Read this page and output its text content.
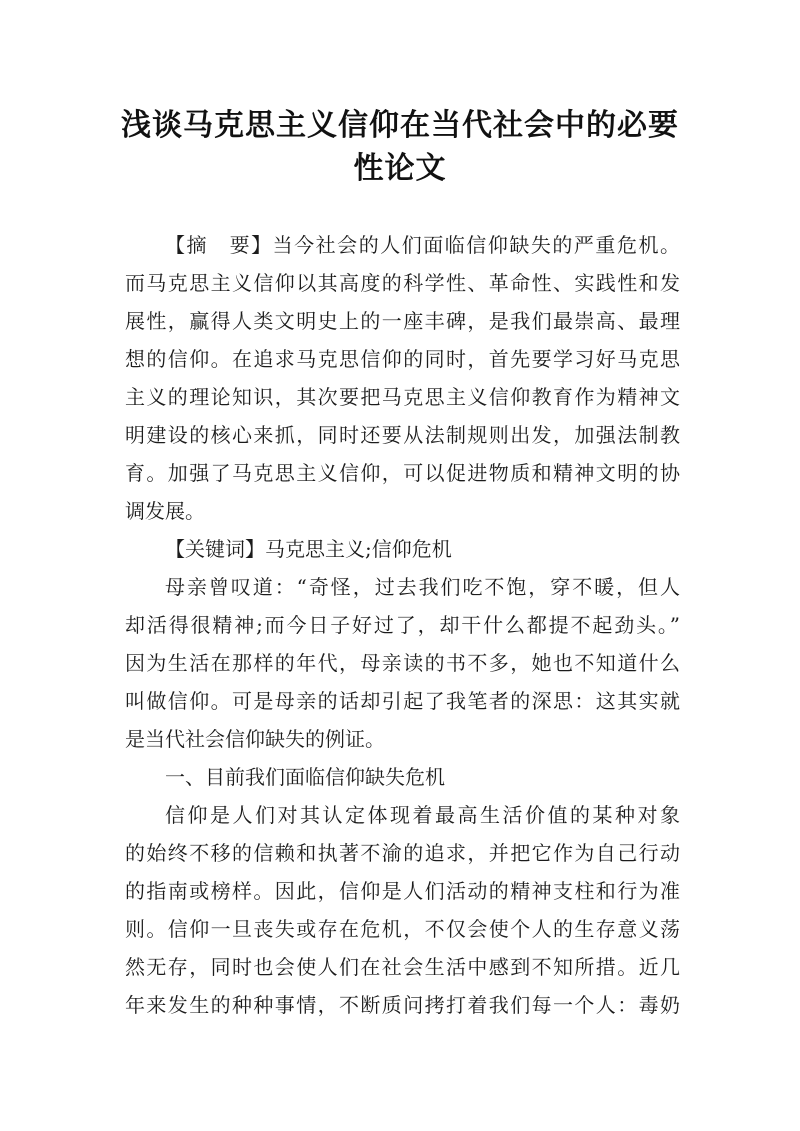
浅谈马克思主义信仰在当代社会中的必要
性论文
【摘　要】当今社会的人们面临信仰缺失的严重危机。
而马克思主义信仰以其高度的科学性、革命性、实践性和发
展性，赢得人类文明史上的一座丰碑，是我们最崇高、最理
想的信仰。在追求马克思信仰的同时，首先要学习好马克思
主义的理论知识，其次要把马克思主义信仰教育作为精神文
明建设的核心来抓，同时还要从法制规则出发，加强法制教
育。加强了马克思主义信仰，可以促进物质和精神文明的协
调发展。
【关键词】马克思主义;信仰危机
母亲曾叹道：“奇怪，过去我们吃不饱，穿不暖，但人
却活得很精神;而今日子好过了，却干什么都提不起劲头。”
因为生活在那样的年代，母亲读的书不多，她也不知道什么
叫做信仰。可是母亲的话却引起了我笔者的深思：这其实就
是当代社会信仰缺失的例证。
一、目前我们面临信仰缺失危机
信仰是人们对其认定体现着最高生活价值的某种对象
的始终不移的信赖和执著不渝的追求，并把它作为自己行动
的指南或榜样。因此，信仰是人们活动的精神支柱和行为准
则。信仰一旦丧失或存在危机，不仅会使个人的生存意义荡
然无存，同时也会使人们在社会生活中感到不知所措。近几
年来发生的种种事情，不断质问拷打着我们每一个人：毒奶
